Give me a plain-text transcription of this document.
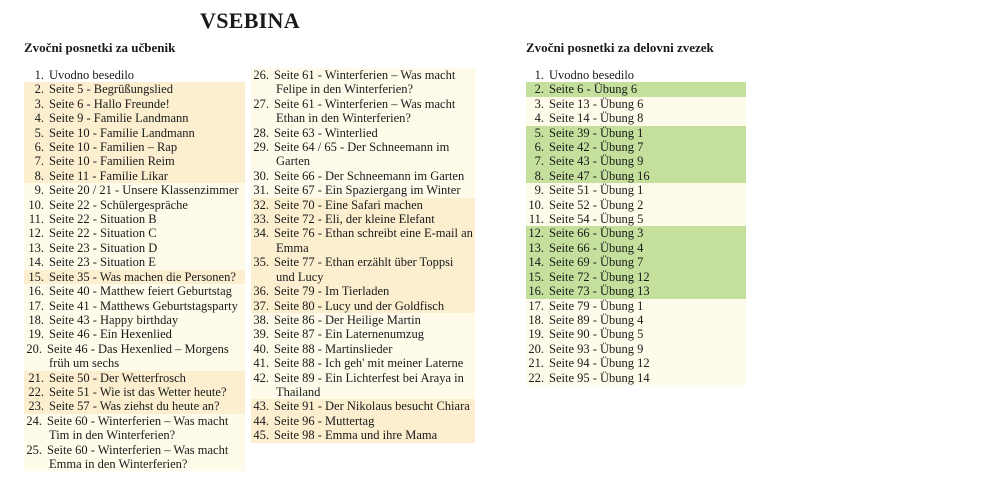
VSEBINA
Zvočni posnetki za učbenik	Zvočni posnetki za delovni zvezek
1. Uvodno besedilo
2. Seite 5 - Begrüßungslied
3. Seite 6 - Hallo Freunde!
4. Seite 9 - Familie Landmann
5. Seite 10 - Familie Landmann
6. Seite 10 - Familien – Rap
7. Seite 10 - Familien Reim
8. Seite 11 - Familie Likar
9. Seite 20 / 21 - Unsere Klassenzimmer
10. Seite 22 - Schülergespräche
11. Seite 22 - Situation B
12. Seite 22 - Situation C
13. Seite 23 - Situation D
14. Seite 23 - Situation E
15. Seite 35 - Was machen die Personen?
16. Seite 40 - Matthew feiert Geburtstag
17. Seite 41 - Matthews Geburtstagsparty
18. Seite 43 - Happy birthday
19. Seite 46 - Ein Hexenlied
20. Seite 46 - Das Hexenlied – Morgens früh um sechs
21. Seite 50 - Der Wetterfrosch
22. Seite 51 - Wie ist das Wetter heute?
23. Seite 57 - Was ziehst du heute an?
24. Seite 60 - Winterferien – Was macht Tim in den Winterferien?
25. Seite 60 - Winterferien – Was macht Emma in den Winterferien?
26. Seite 61 - Winterferien – Was macht Felipe in den Winterferien?
27. Seite 61 - Winterferien – Was macht Ethan in den Winterferien?
28. Seite 63 - Winterlied
29. Seite 64 / 65 - Der Schneemann im Garten
30. Seite 66 - Der Schneemann im Garten
31. Seite 67 - Ein Spaziergang im Winter
32. Seite 70 - Eine Safari machen
33. Seite 72 - Eli, der kleine Elefant
34. Seite 76 - Ethan schreibt eine E-mail an Emma
35. Seite 77 - Ethan erzählt über Toppsi und Lucy
36. Seite 79 - Im Tierladen
37. Seite 80 - Lucy und der Goldfisch
38. Seite 86 - Der Heilige Martin
39. Seite 87 - Ein Laternenumzug
40. Seite 88 - Martinslieder
41. Seite 88 - Ich geh' mit meiner Laterne
42. Seite 89 - Ein Lichterfest bei Araya in Thailand
43. Seite 91 - Der Nikolaus besucht Chiara
44. Seite 96 - Muttertag
45. Seite 98 - Emma und ihre Mama
1. Uvodno besedilo
2. Seite 6 - Übung 6
3. Seite 13 - Übung 6
4. Seite 14 - Übung 8
5. Seite 39 - Übung 1
6. Seite 42 - Übung 7
7. Seite 43 - Übung 9
8. Seite 47 - Übung 16
9. Seite 51 - Übung 1
10. Seite 52 - Übung 2
11. Seite 54 - Übung 5
12. Seite 66 - Übung 3
13. Seite 66 - Übung 4
14. Seite 69 - Übung 7
15. Seite 72 - Übung 12
16. Seite 73 - Übung 13
17. Seite 79 - Übung 1
18. Seite 89 - Übung 4
19. Seite 90 - Übung 5
20. Seite 93 - Übung 9
21. Seite 94 - Übung 12
22. Seite 95 - Übung 14
